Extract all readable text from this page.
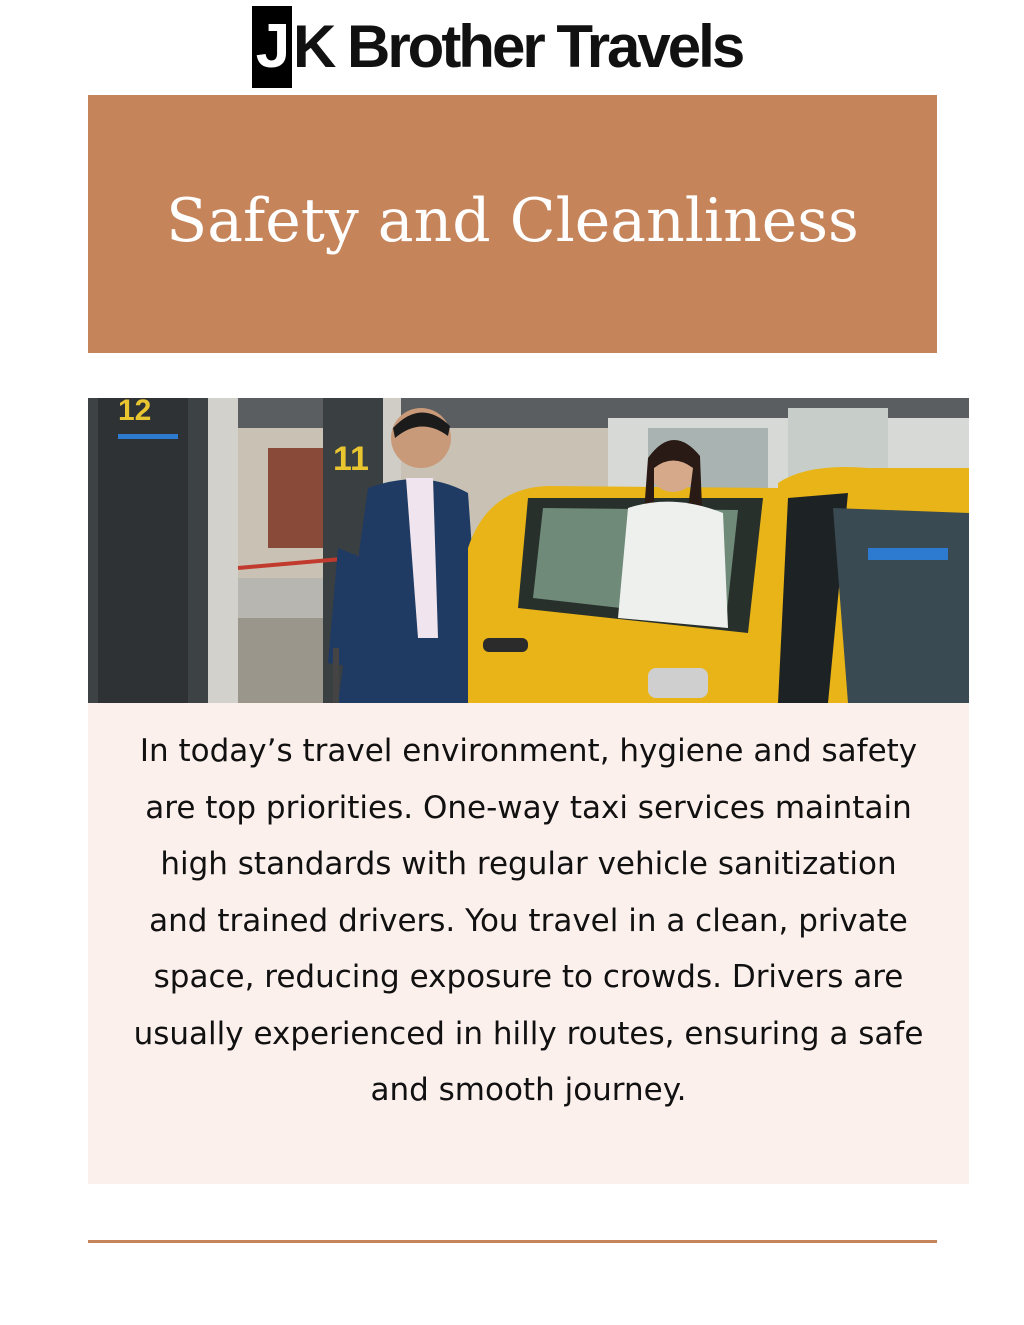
J K Brother Travels
Safety and Cleanliness
12
11

In today’s travel environment, hygiene and safety are top priorities. One-way taxi services maintain high standards with regular vehicle sanitization and trained drivers. You travel in a clean, private space, reducing exposure to crowds. Drivers are usually experienced in hilly routes, ensuring a safe and smooth journey.
